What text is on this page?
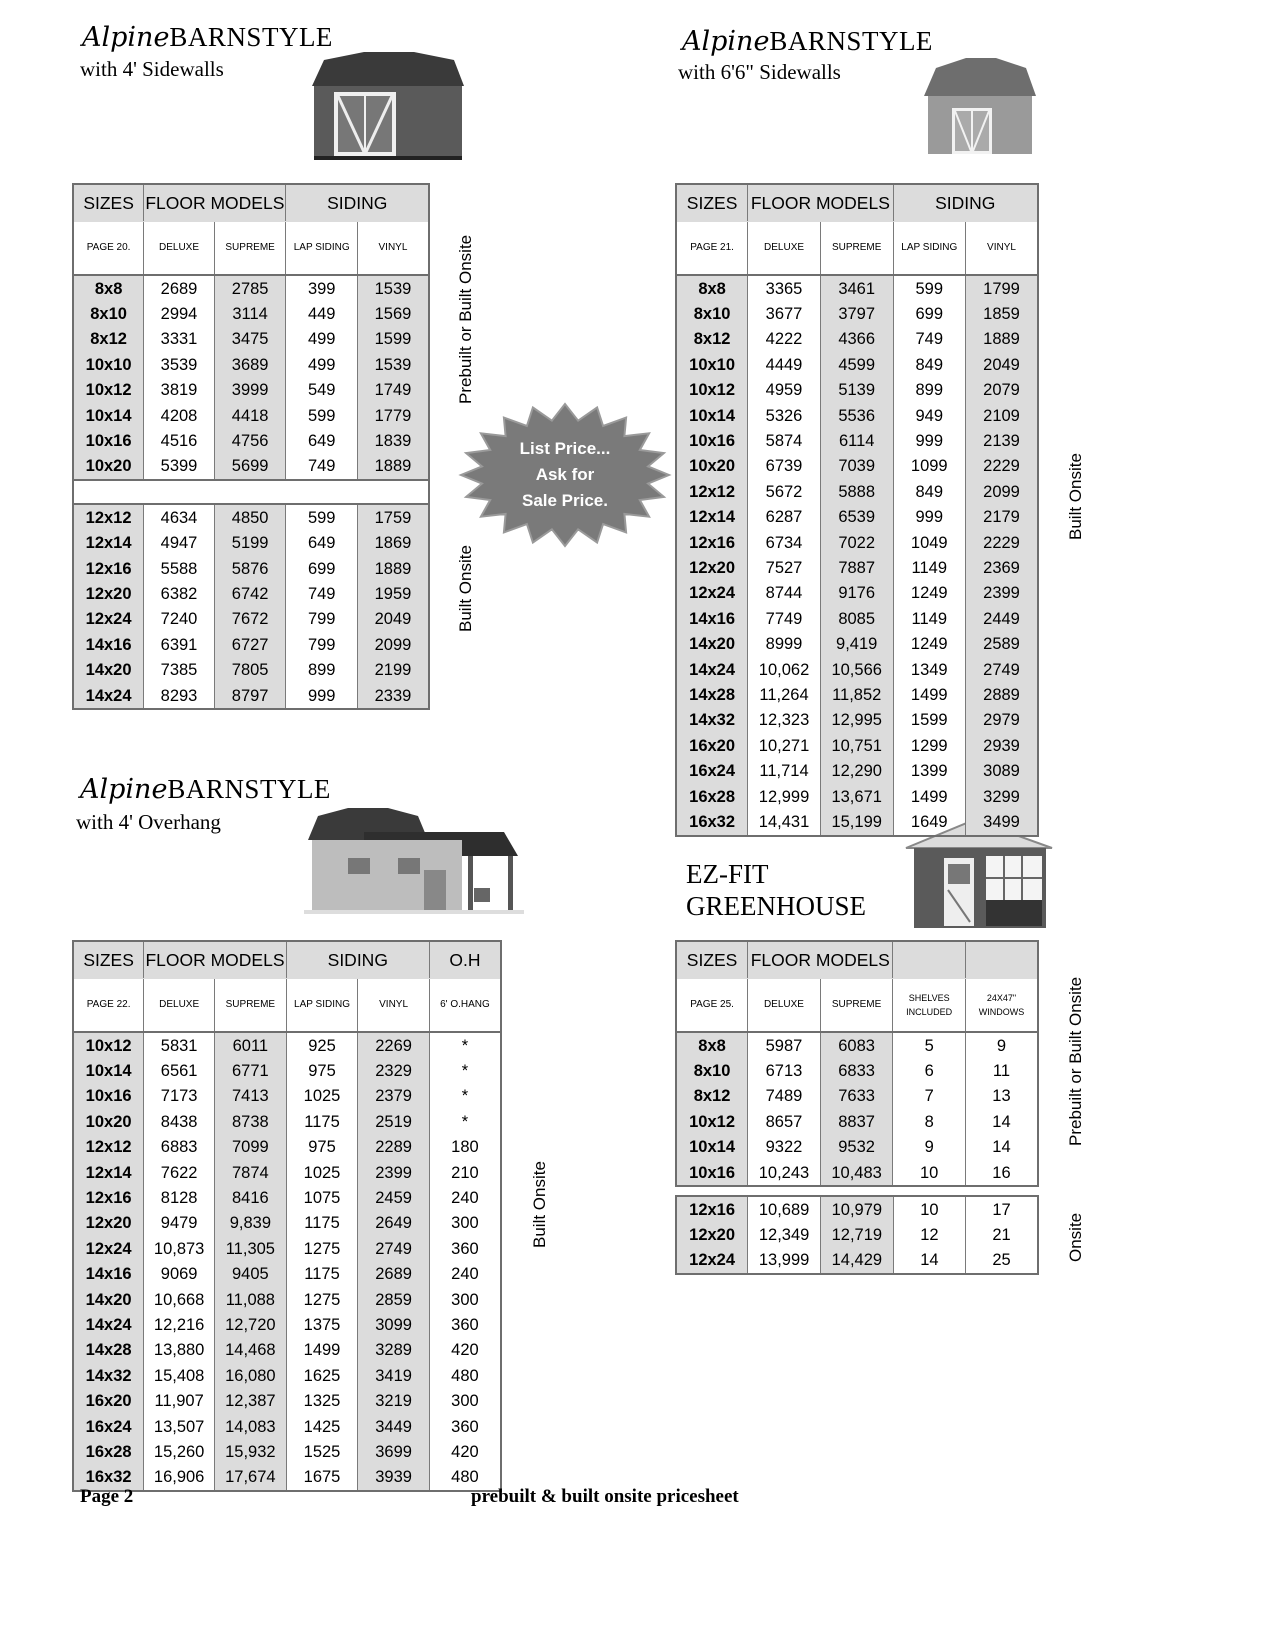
AlpineBARNSTYLE
with 4' Sidewalls
AlpineBARNSTYLE
with 6'6" Sidewalls
AlpineBARNSTYLE
with 4' Overhang
EZ-FIT
GREENHOUSE
SIZES	FLOOR MODELS		SIDING	
PAGE 20.	DELUXE	SUPREME	LAP SIDING	VINYL
8x8	2689	2785	399	1539
8x10	2994	3114	449	1569
8x12	3331	3475	499	1599
10x10	3539	3689	499	1539
10x12	3819	3999	549	1749
10x14	4208	4418	599	1779
10x16	4516	4756	649	1839
10x20	5399	5699	749	1889

12x12	4634	4850	599	1759
12x14	4947	5199	649	1869
12x16	5588	5876	699	1889
12x20	6382	6742	749	1959
12x24	7240	7672	799	2049
14x16	6391	6727	799	2099
14x20	7385	7805	899	2199
14x24	8293	8797	999	2339
Prebuilt or Built Onsite
Built Onsite
List Price...
Ask for
Sale Price.
SIZES	FLOOR MODELS		SIDING	
PAGE 21.	DELUXE	SUPREME	LAP SIDING	VINYL
8x8	3365	3461	599	1799
8x10	3677	3797	699	1859
8x12	4222	4366	749	1889
10x10	4449	4599	849	2049
10x12	4959	5139	899	2079
10x14	5326	5536	949	2109
10x16	5874	6114	999	2139
10x20	6739	7039	1099	2229
12x12	5672	5888	849	2099
12x14	6287	6539	999	2179
12x16	6734	7022	1049	2229
12x20	7527	7887	1149	2369
12x24	8744	9176	1249	2399
14x16	7749	8085	1149	2449
14x20	8999	9,419	1249	2589
14x24	10,062	10,566	1349	2749
14x28	11,264	11,852	1499	2889
14x32	12,323	12,995	1599	2979
16x20	10,271	10,751	1299	2939
16x24	11,714	12,290	1399	3089
16x28	12,999	13,671	1499	3299
16x32	14,431	15,199	1649	3499
Built Onsite
SIZES	FLOOR MODELS		SIDING		O.H
PAGE 22.	DELUXE	SUPREME	LAP SIDING	VINYL	6' O.HANG
10x12	5831	6011	925	2269	*
10x14	6561	6771	975	2329	*
10x16	7173	7413	1025	2379	*
10x20	8438	8738	1175	2519	*
12x12	6883	7099	975	2289	180
12x14	7622	7874	1025	2399	210
12x16	8128	8416	1075	2459	240
12x20	9479	9,839	1175	2649	300
12x24	10,873	11,305	1275	2749	360
14x16	9069	9405	1175	2689	240
14x20	10,668	11,088	1275	2859	300
14x24	12,216	12,720	1375	3099	360
14x28	13,880	14,468	1499	3289	420
14x32	15,408	16,080	1625	3419	480
16x20	11,907	12,387	1325	3219	300
16x24	13,507	14,083	1425	3449	360
16x28	15,260	15,932	1525	3699	420
16x32	16,906	17,674	1675	3939	480
Built Onsite
SIZES	FLOOR MODELS			
PAGE 25.	DELUXE	SUPREME	SHELVES
INCLUDED	24X47"
WINDOWS
8x8	5987	6083	5	9
8x10	6713	6833	6	11
8x12	7489	7633	7	13
10x12	8657	8837	8	14
10x14	9322	9532	9	14
10x16	10,243	10,483	10	16
12x16	10,689	10,979	10	17
12x20	12,349	12,719	12	21
12x24	13,999	14,429	14	25
Prebuilt or Built Onsite
Onsite
Page 2	prebuilt & built onsite pricesheet
